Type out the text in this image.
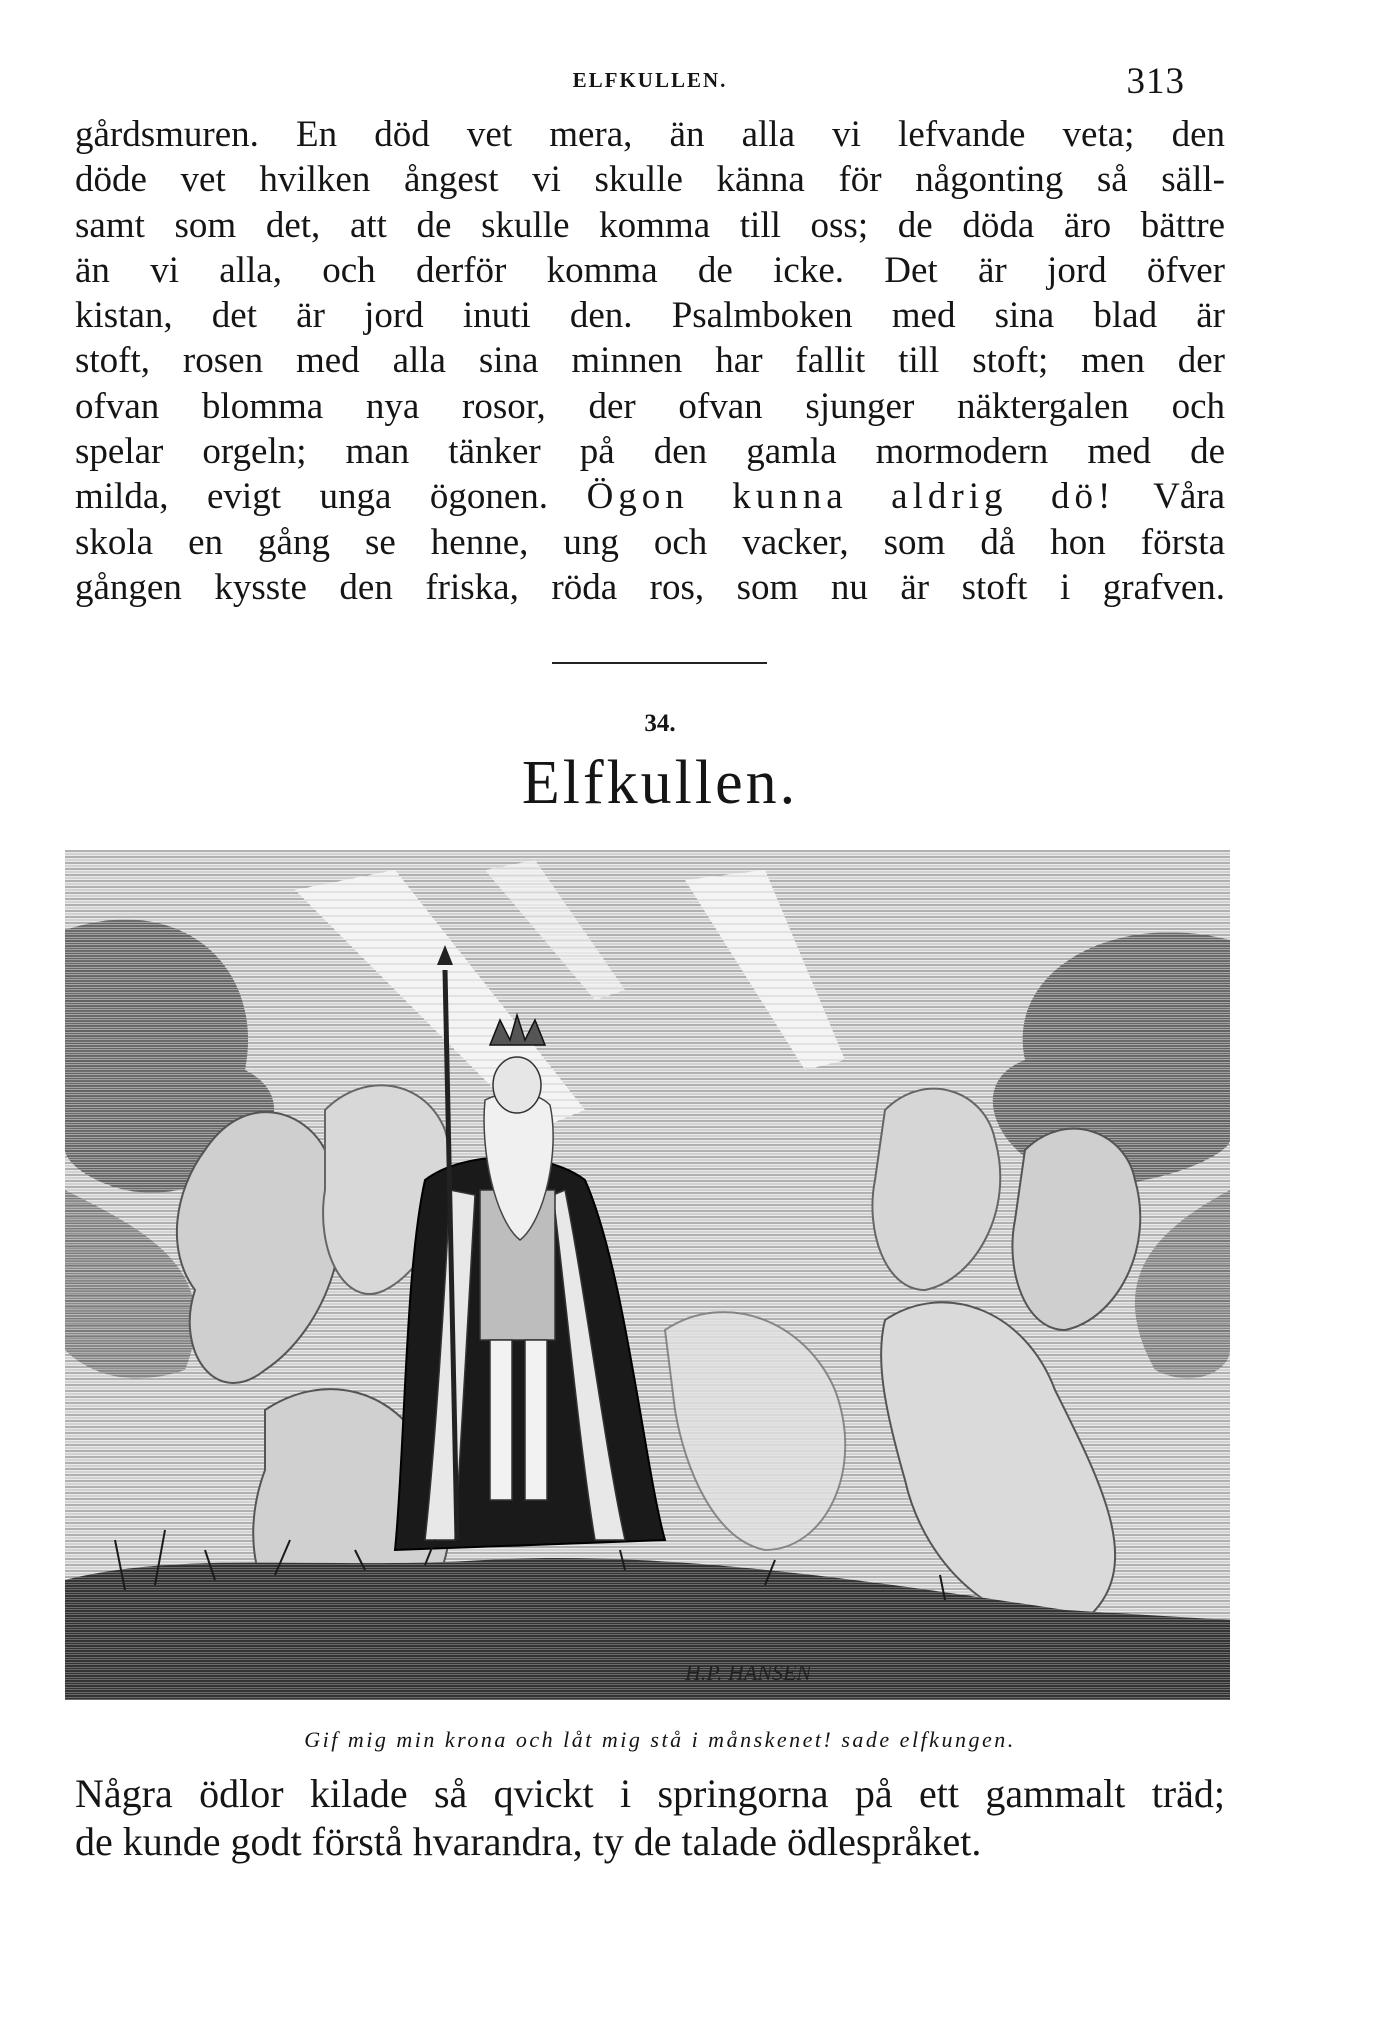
ELFKULLEN.	313
gårdsmuren. En död vet mera, än alla vi lefvande veta; den
döde vet hvilken ångest vi skulle känna för någonting så säll-
samt som det, att de skulle komma till oss; de döda äro bättre
än vi alla, och derför komma de icke. Det är jord öfver
kistan, det är jord inuti den. Psalmboken med sina blad är
stoft, rosen med alla sina minnen har fallit till stoft; men der
ofvan blomma nya rosor, der ofvan sjunger näktergalen och
spelar orgeln; man tänker på den gamla mormodern med de
milda, evigt unga ögonen. Ögon kunna aldrig dö! Våra
skola en gång se henne, ung och vacker, som då hon första
gången kysste den friska, röda ros, som nu är stoft i grafven.
34.
Elfkullen.
H.P. HANSEN
Gif mig min krona och låt mig stå i månskenet! sade elfkungen.
Några ödlor kilade så qvickt i springorna på ett gammalt träd;
de kunde godt förstå hvarandra, ty de talade ödlespråket.
